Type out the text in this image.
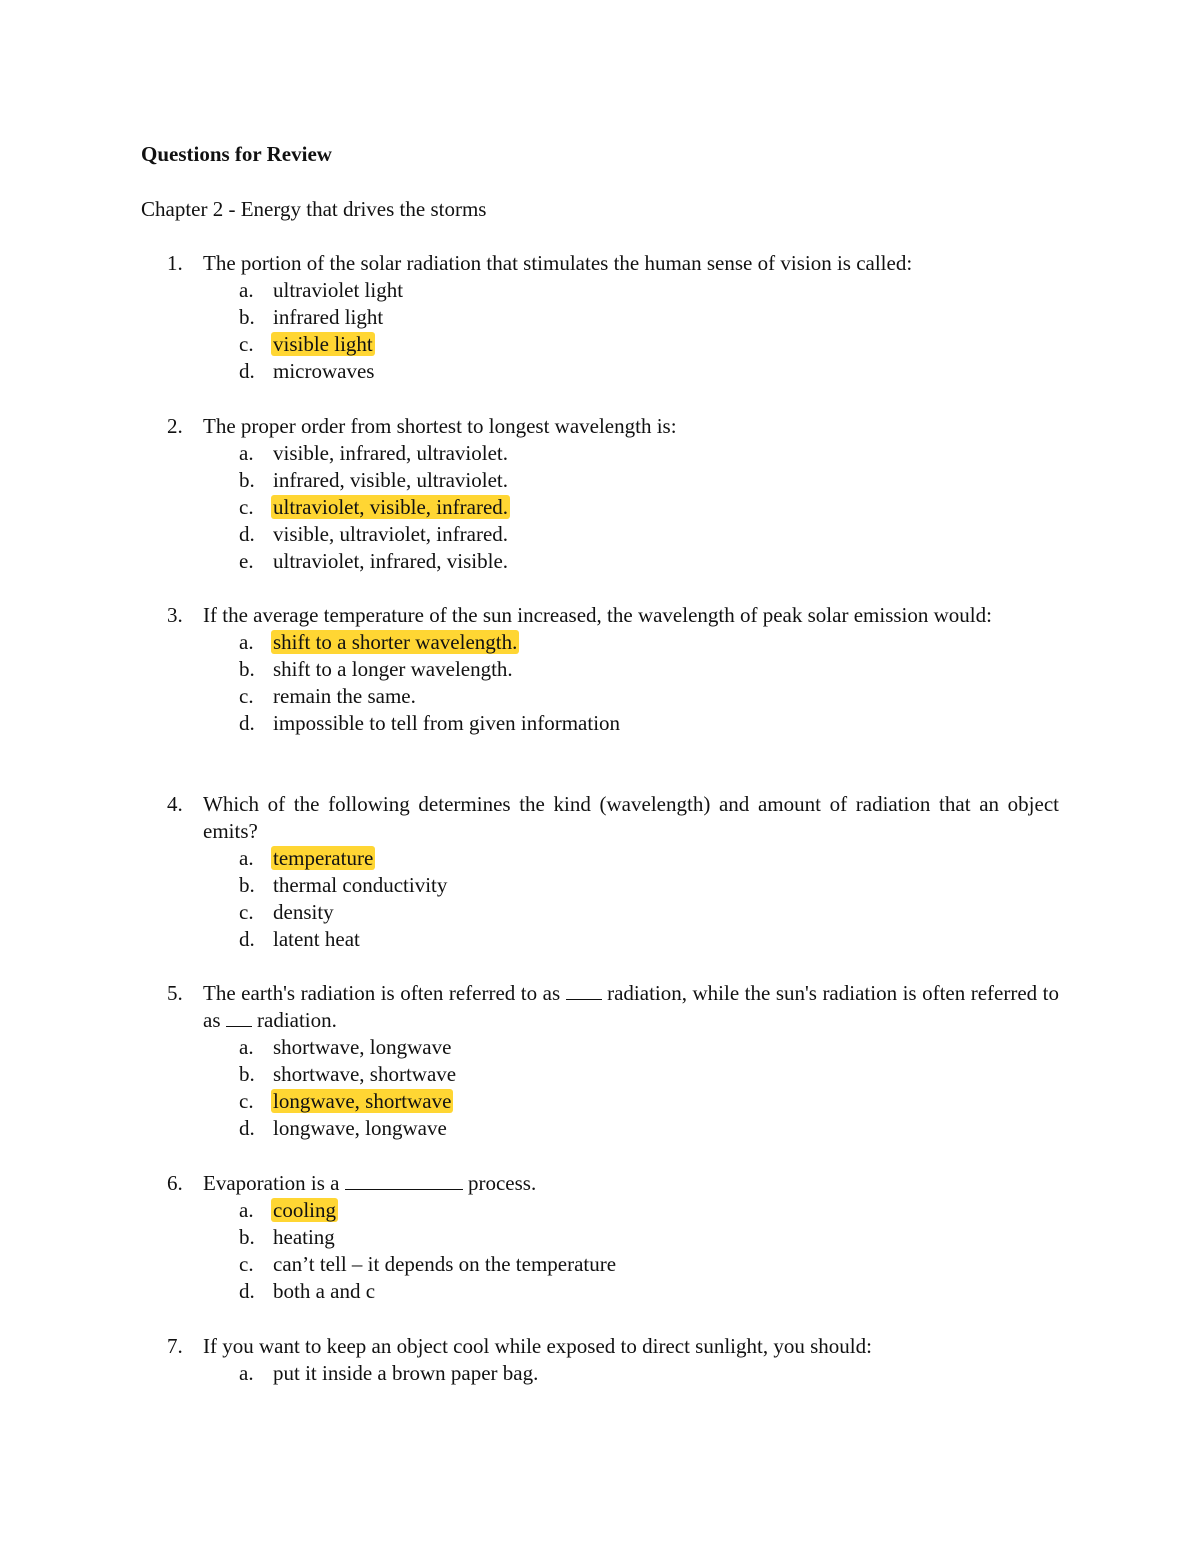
Questions for Review
Chapter 2 - Energy that drives the storms
1. The portion of the solar radiation that stimulates the human sense of vision is called:
a. ultraviolet light
b. infrared light
c. visible light
d. microwaves
2. The proper order from shortest to longest wavelength is:
a. visible, infrared, ultraviolet.
b. infrared, visible, ultraviolet.
c. ultraviolet, visible, infrared.
d. visible, ultraviolet, infrared.
e. ultraviolet, infrared, visible.
3. If the average temperature of the sun increased, the wavelength of peak solar emission would:
a. shift to a shorter wavelength.
b. shift to a longer wavelength.
c. remain the same.
d. impossible to tell from given information
4. Which of the following determines the kind (wavelength) and amount of radiation that an object emits?
a. temperature
b. thermal conductivity
c. density
d. latent heat
5. The earth's radiation is often referred to as  radiation, while the sun's radiation is often referred to as  radiation.
a. shortwave, longwave
b. shortwave, shortwave
c. longwave, shortwave
d. longwave, longwave
6. Evaporation is a	process.
a. cooling
b. heating
c. can’t tell – it depends on the temperature
d. both a and c
7. If you want to keep an object cool while exposed to direct sunlight, you should:
a. put it inside a brown paper bag.
